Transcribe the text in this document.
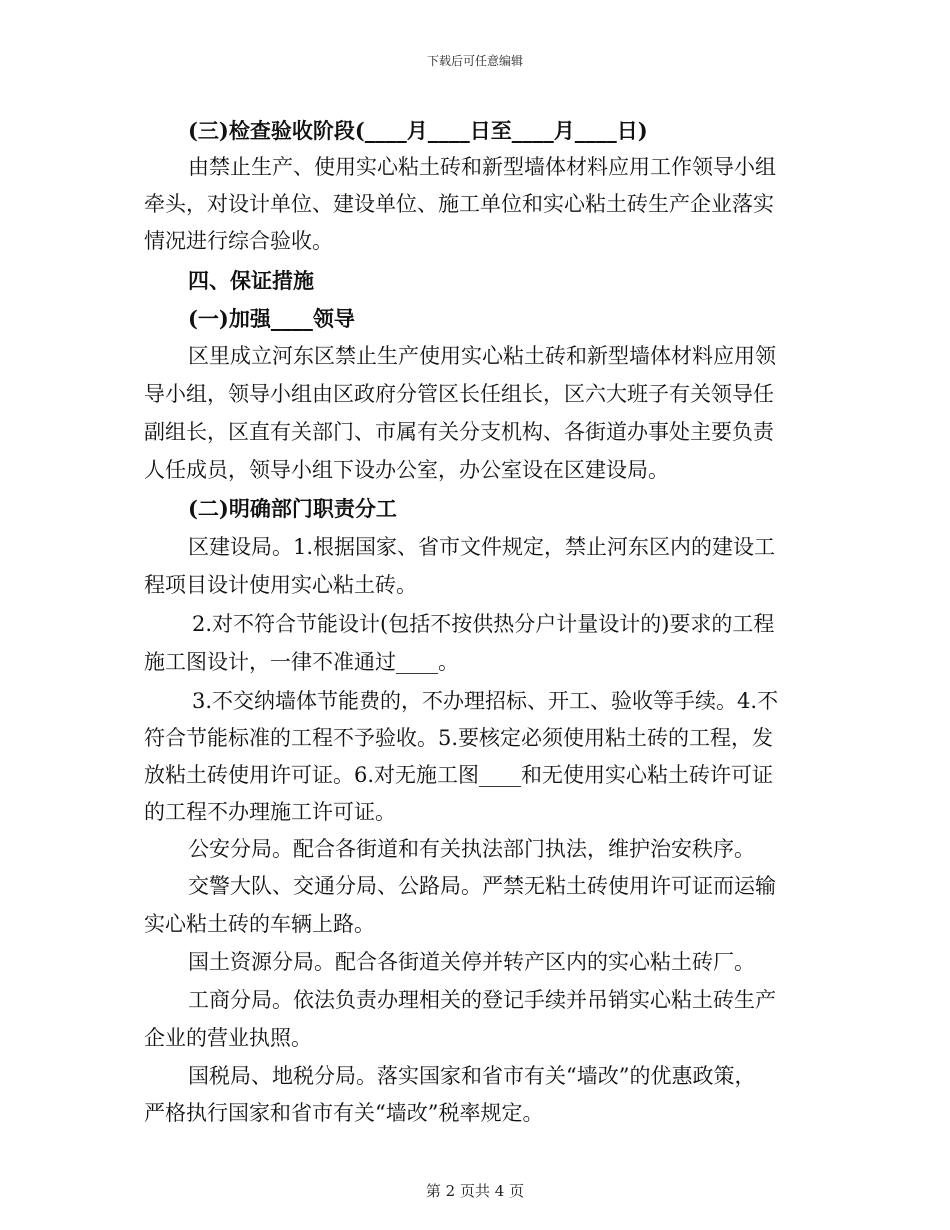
下载后可任意编辑
(三)检查验收阶段(____月____日至____月____日)
由禁止生产、使用实心粘土砖和新型墙体材料应用工作领导小组
牵头，对设计单位、建设单位、施工单位和实心粘土砖生产企业落实
情况进行综合验收。
四、保证措施
(一)加强____领导
区里成立河东区禁止生产使用实心粘土砖和新型墙体材料应用领
导小组，领导小组由区政府分管区长任组长，区六大班子有关领导任
副组长，区直有关部门、市属有关分支机构、各街道办事处主要负责
人任成员，领导小组下设办公室，办公室设在区建设局。
(二)明确部门职责分工
区建设局。1.根据国家、省市文件规定，禁止河东区内的建设工
程项目设计使用实心粘土砖。
2.对不符合节能设计(包括不按供热分户计量设计的)要求的工程
施工图设计，一律不准通过____。
3.不交纳墙体节能费的，不办理招标、开工、验收等手续。4.不
符合节能标准的工程不予验收。5.要核定必须使用粘土砖的工程，发
放粘土砖使用许可证。6.对无施工图____和无使用实心粘土砖许可证
的工程不办理施工许可证。
公安分局。配合各街道和有关执法部门执法，维护治安秩序。
交警大队、交通分局、公路局。严禁无粘土砖使用许可证而运输
实心粘土砖的车辆上路。
国土资源分局。配合各街道关停并转产区内的实心粘土砖厂。
工商分局。依法负责办理相关的登记手续并吊销实心粘土砖生产
企业的营业执照。
国税局、地税分局。落实国家和省市有关“墙改”的优惠政策，
严格执行国家和省市有关“墙改”税率规定。
第 2 页共 4 页
